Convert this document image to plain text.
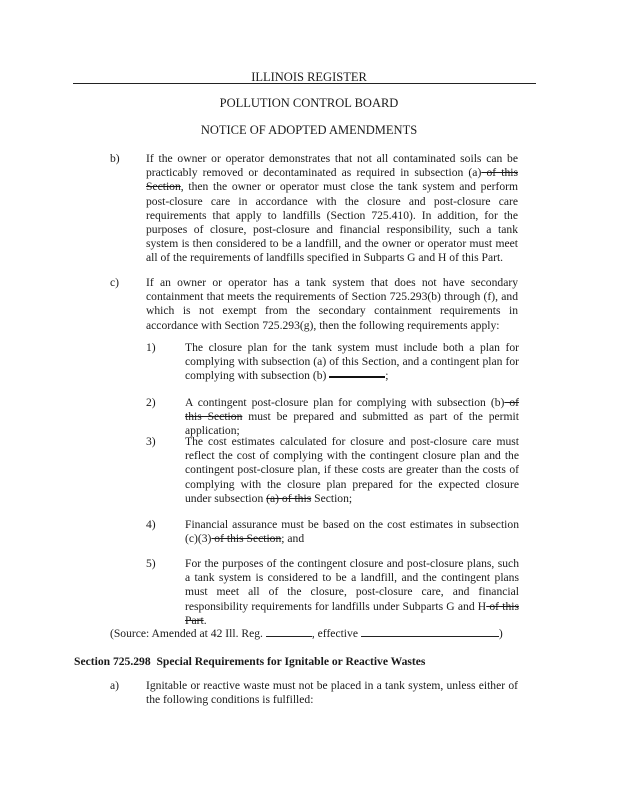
ILLINOIS REGISTER
POLLUTION CONTROL BOARD
NOTICE OF ADOPTED AMENDMENTS
b) If the owner or operator demonstrates that not all contaminated soils can be practicably removed or decontaminated as required in subsection (a) of this Section, then the owner or operator must close the tank system and perform post-closure care in accordance with the closure and post-closure care requirements that apply to landfills (Section 725.410). In addition, for the purposes of closure, post-closure and financial responsibility, such a tank system is then considered to be a landfill, and the owner or operator must meet all of the requirements of landfills specified in Subparts G and H of this Part.
c) If an owner or operator has a tank system that does not have secondary containment that meets the requirements of Section 725.293(b) through (f), and which is not exempt from the secondary containment requirements in accordance with Section 725.293(g), then the following requirements apply:
1)	The closure plan for the tank system must include both a plan for complying with subsection (a) of this Section, and a contingent plan for complying with subsection (b)	;
2)	A contingent post-closure plan for complying with subsection (b) of this Section must be prepared and submitted as part of the permit application;
3)	The cost estimates calculated for closure and post-closure care must reflect the cost of complying with the contingent closure plan and the contingent post-closure plan, if these costs are greater than the costs of complying with the closure plan prepared for the expected closure under subsection (a) of this Section;
4)	Financial assurance must be based on the cost estimates in subsection (c)(3) of this Section; and
5)	For the purposes of the contingent closure and post-closure plans, such a tank system is considered to be a landfill, and the contingent plans must meet all of the closure, post-closure care, and financial responsibility requirements for landfills under Subparts G and H of this Part.
(Source: Amended at 42 Ill. Reg.	, effective	)
Section 725.298 Special Requirements for Ignitable or Reactive Wastes
a) Ignitable or reactive waste must not be placed in a tank system, unless either of the following conditions is fulfilled:
